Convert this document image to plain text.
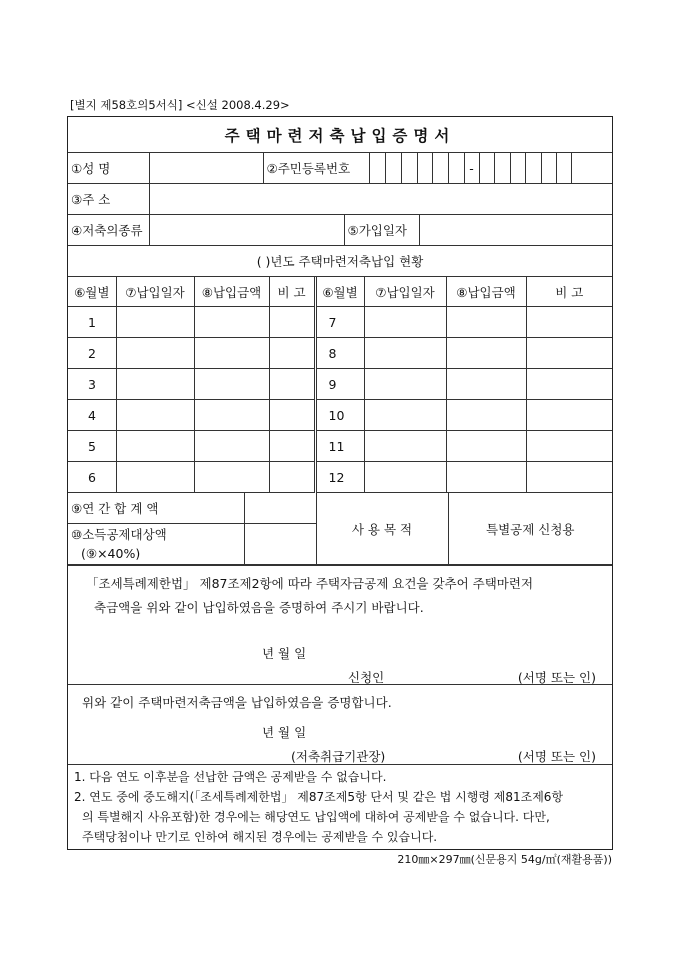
[별지 제58호의5서식] <신설 2008.4.29>
주택마련저축납입증명서
①성 명		②주민등록번호							-							
③주 소																
④저축의종류		⑤가입일자	
( )년도 주택마련저축납입 현황
⑥월별	⑦납입일자	⑧납입금액	비 고	⑥월별	⑦납입일자	⑧납입금액	비 고
1				7			
2				8			
3				9			
4				10			
5				11			
6				12			
⑨연 간 합 계 액		사 용 목 적	특별공제 신청용

⑩소득공제대상액
(⑨×40%)			

「조세특례제한법」 제87조제2항에 따라 주택자금공제 요건을 갖추어 주택마련저

축금액을 위와 같이 납입하였음을 증명하여 주시기 바랍니다.

년 월 일

신청인	(서명 또는 인)

위와 같이 주택마련저축금액을 납입하였음을 증명합니다.

년 월 일

(저축취급기관장)	(서명 또는 인)

1. 다음 연도 이후분을 선납한 금액은 공제받을 수 없습니다.
2. 연도 중에 중도해지(「조세특례제한법」 제87조제5항 단서 및 같은 법 시행령 제81조제6항
의 특별해지 사유포함)한 경우에는 해당연도 납입액에 대하여 공제받을 수 없습니다. 다만,
주택당첨이나 만기로 인하여 해지된 경우에는 공제받을 수 있습니다.
210㎜×297㎜(신문용지 54g/㎡(재활용품))
